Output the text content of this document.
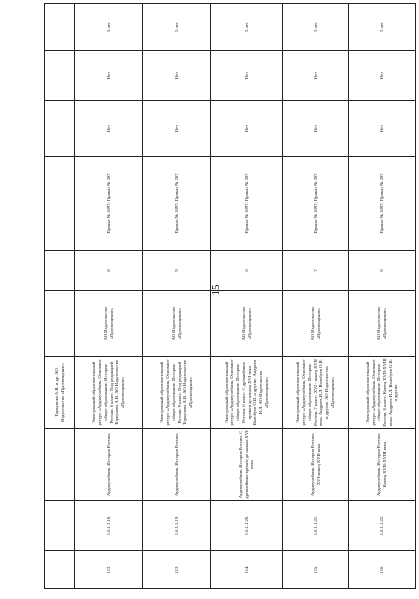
15
			Торкунова А.В. и др. АО Издательство «Просвещение»						
112.	1.6.1.1.18.	Аудиоучебник. История России.	Электронный образовательный ресурс «Аудиоучебник. Основное общее образование. История России. 6 класс. Под редакцией Торкунова А.В. АО Издательство «Просвещение»	АО Издательство «Просвещение»	8	Приказ № 1897; Приказ № 287	Нет	Нет	5 лет
113.	1.6.1.1.19.	Аудиоучебник. История России.	Электронный образовательный ресурс «Аудиоучебник. Основное общее образование. История России. 9 класс. Под редакцией Торкунова А.В. АО Издательство «Просвещение»	АО Издательство «Просвещение»	9	Приказ № 1897; Приказ № 287	Нет	Нет	5 лет
114.	1.6.1.1.20.	Аудиоучебник. История России. С древнейших времен до начала XVI века	Электронный образовательный ресурс «Аудиоучебник. Основное общее образование. История России. 6 класс. С древнейших времен до начала XVI века Волобуев О.В. и другие, Андреев И.Л. АО Издательство «Просвещение»	АО Издательство «Просвещение»	6	Приказ № 1897; Приказ № 287	Нет	Нет	5 лет
115.	1.6.1.1.21.	Аудиоучебник. История России. XVI-конец XVII века	Электронный образовательный ресурс «Аудиоучебник. Основное общее образование. История России. 7 класс. XVI - конец XVII века. Андреев И.Л. Волобуев О.В. и другие, АО Издательство «Просвещение»	АО Издательство «Просвещение»	7	Приказ № 1897; Приказ № 287	Нет	Нет	5 лет
116.	1.6.1.1.22.	Аудиоучебник. История России. Конец XVII-XVIII века	Электронный образовательный ресурс «Аудиоучебник. Основное общее образование. История России. 8 класс. Конец XVII-XVIII века. Андреев И.Л. Волобуев О.В. и другие,	АО Издательство «Просвещение»	8	Приказ № 1897; Приказ № 287	Нет	Нет	5 лет
